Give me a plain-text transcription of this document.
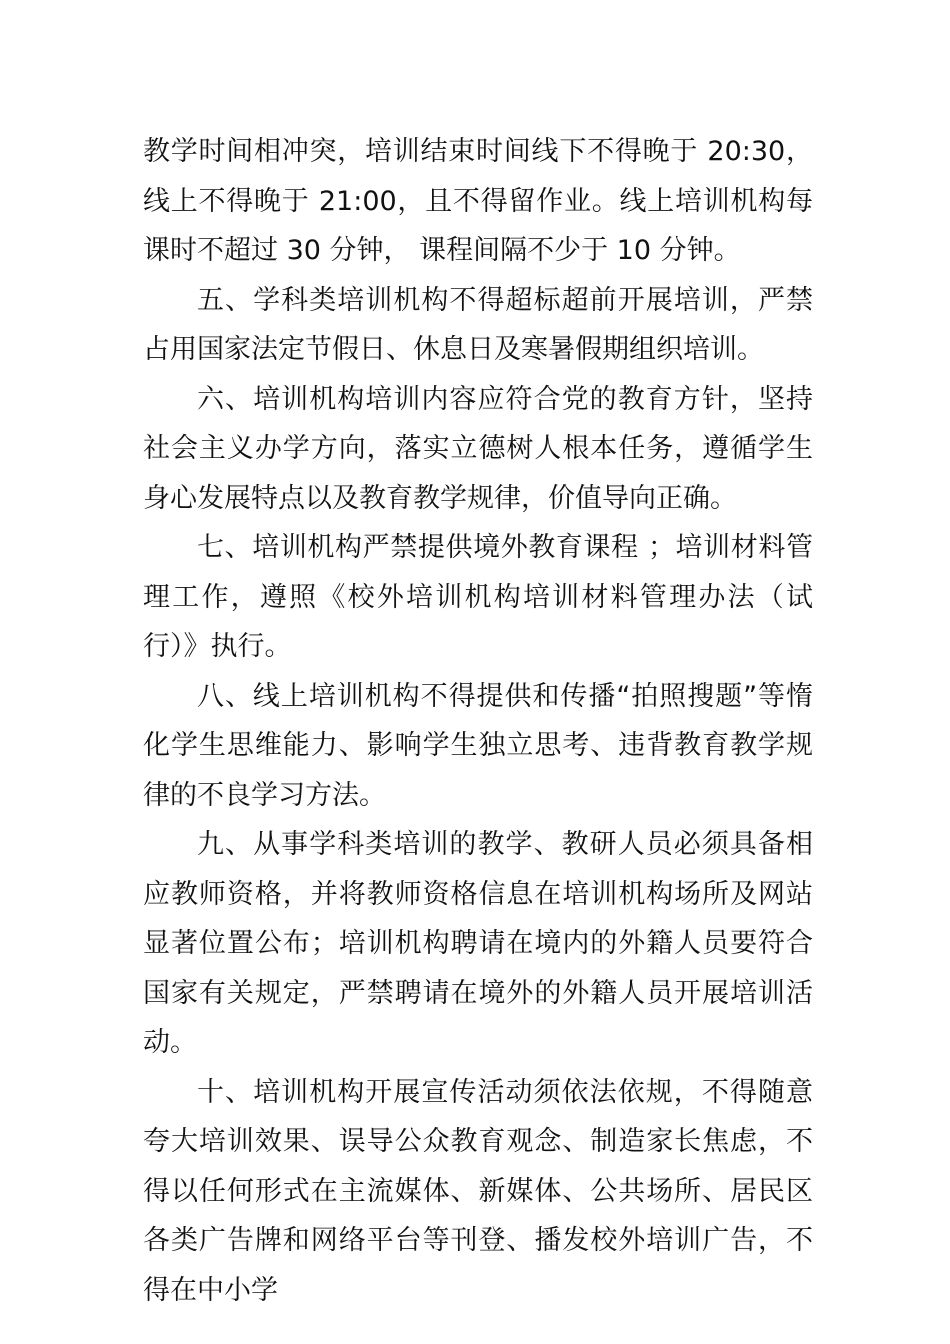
教学时间相冲突，培训结束时间线下不得晚于 20:30，线上不得晚于 21:00，且不得留作业。线上培训机构每课时不超过 30 分钟， 课程间隔不少于 10 分钟。

五、学科类培训机构不得超标超前开展培训，严禁占用国家法定节假日、休息日及寒暑假期组织培训。

六、培训机构培训内容应符合党的教育方针，坚持社会主义办学方向，落实立德树人根本任务，遵循学生身心发展特点以及教育教学规律，价值导向正确。

七、培训机构严禁提供境外教育课程 ；培训材料管理工作，遵照《校外培训机构培训材料管理办法（试行）》执行。

八、线上培训机构不得提供和传播“拍照搜题”等惰化学生思维能力、影响学生独立思考、违背教育教学规律的不良学习方法。

九、从事学科类培训的教学、教研人员必须具备相应教师资格，并将教师资格信息在培训机构场所及网站显著位置公布；培训机构聘请在境内的外籍人员要符合国家有关规定，严禁聘请在境外的外籍人员开展培训活动。

十、培训机构开展宣传活动须依法依规，不得随意夸大培训效果、误导公众教育观念、制造家长焦虑，不得以任何形式在主流媒体、新媒体、公共场所、居民区各类广告牌和网络平台等刊登、播发校外培训广告，不得在中小学
